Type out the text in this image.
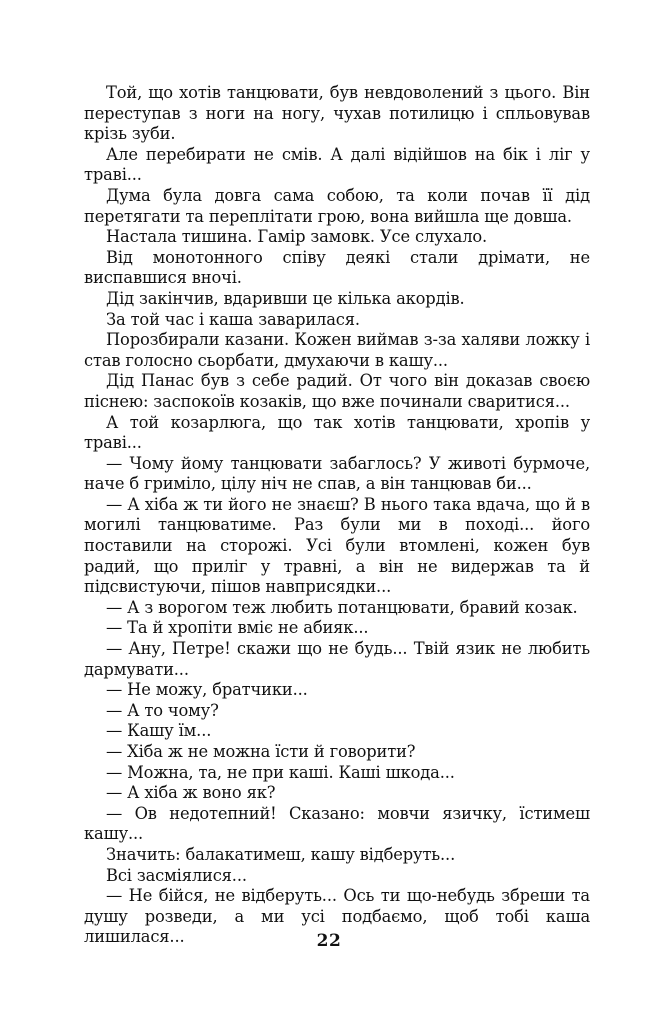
Той, що хотів танцювати, був невдоволений з цього. Він переступав з ноги на ногу, чухав потилицю і спльовував крізь зуби.

Але перебирати не смів. А далі відійшов на бік і ліг у траві...

Дума була довга сама собою, та коли почав її дід перетягати та переплітати грою, вона вийшла ще довша.

Настала тишина. Гамір замовк. Усе слухало.

Від монотонного співу деякі стали дрімати, не виспавшися вночі.

Дід закінчив, вдаривши це кілька акордів.

За той час і каша заварилася.

Порозбирали казани. Кожен виймав з-за халяви ложку і став голосно сьорбати, дмухаючи в кашу...

Дід Панас був з себе радий. От чого він доказав своєю піснею: заспокоїв козаків, що вже починали сваритися...

А той козарлюга, що так хотів танцювати, хропів у траві...

— Чому йому танцювати забаглось? У животі бурмоче, наче б гриміло, цілу ніч не спав, а він танцював би...

— А хіба ж ти його не знаєш? В нього така вдача, що й в могилі танцюватиме. Раз були ми в поході... його поставили на сторожі. Усі були втомлені, кожен був радий, що приліг у травні, а він не видержав та й підсвистуючи, пішов навприсядки...

— А з ворогом теж любить потанцювати, бравий козак.

— Та й хропіти вміє не абияк...

— Ану, Петре! скажи що не будь... Твій язик не любить дармувати...

— Не можу, братчики...

— А то чому?

— Кашу їм...

— Хіба ж не можна їсти й говорити?

— Можна, та, не при каші. Каші шкода...

— А хіба ж воно як?

— Ов недотепний! Сказано: мовчи язичку, їстимеш кашу...

Значить: балакатимеш, кашу відберуть...

Всі засміялися...

— Не бійся, не відберуть... Ось ти що-небудь збреши та душу розведи, а ми усі подбаємо, щоб тобі каша лишилася...	22
